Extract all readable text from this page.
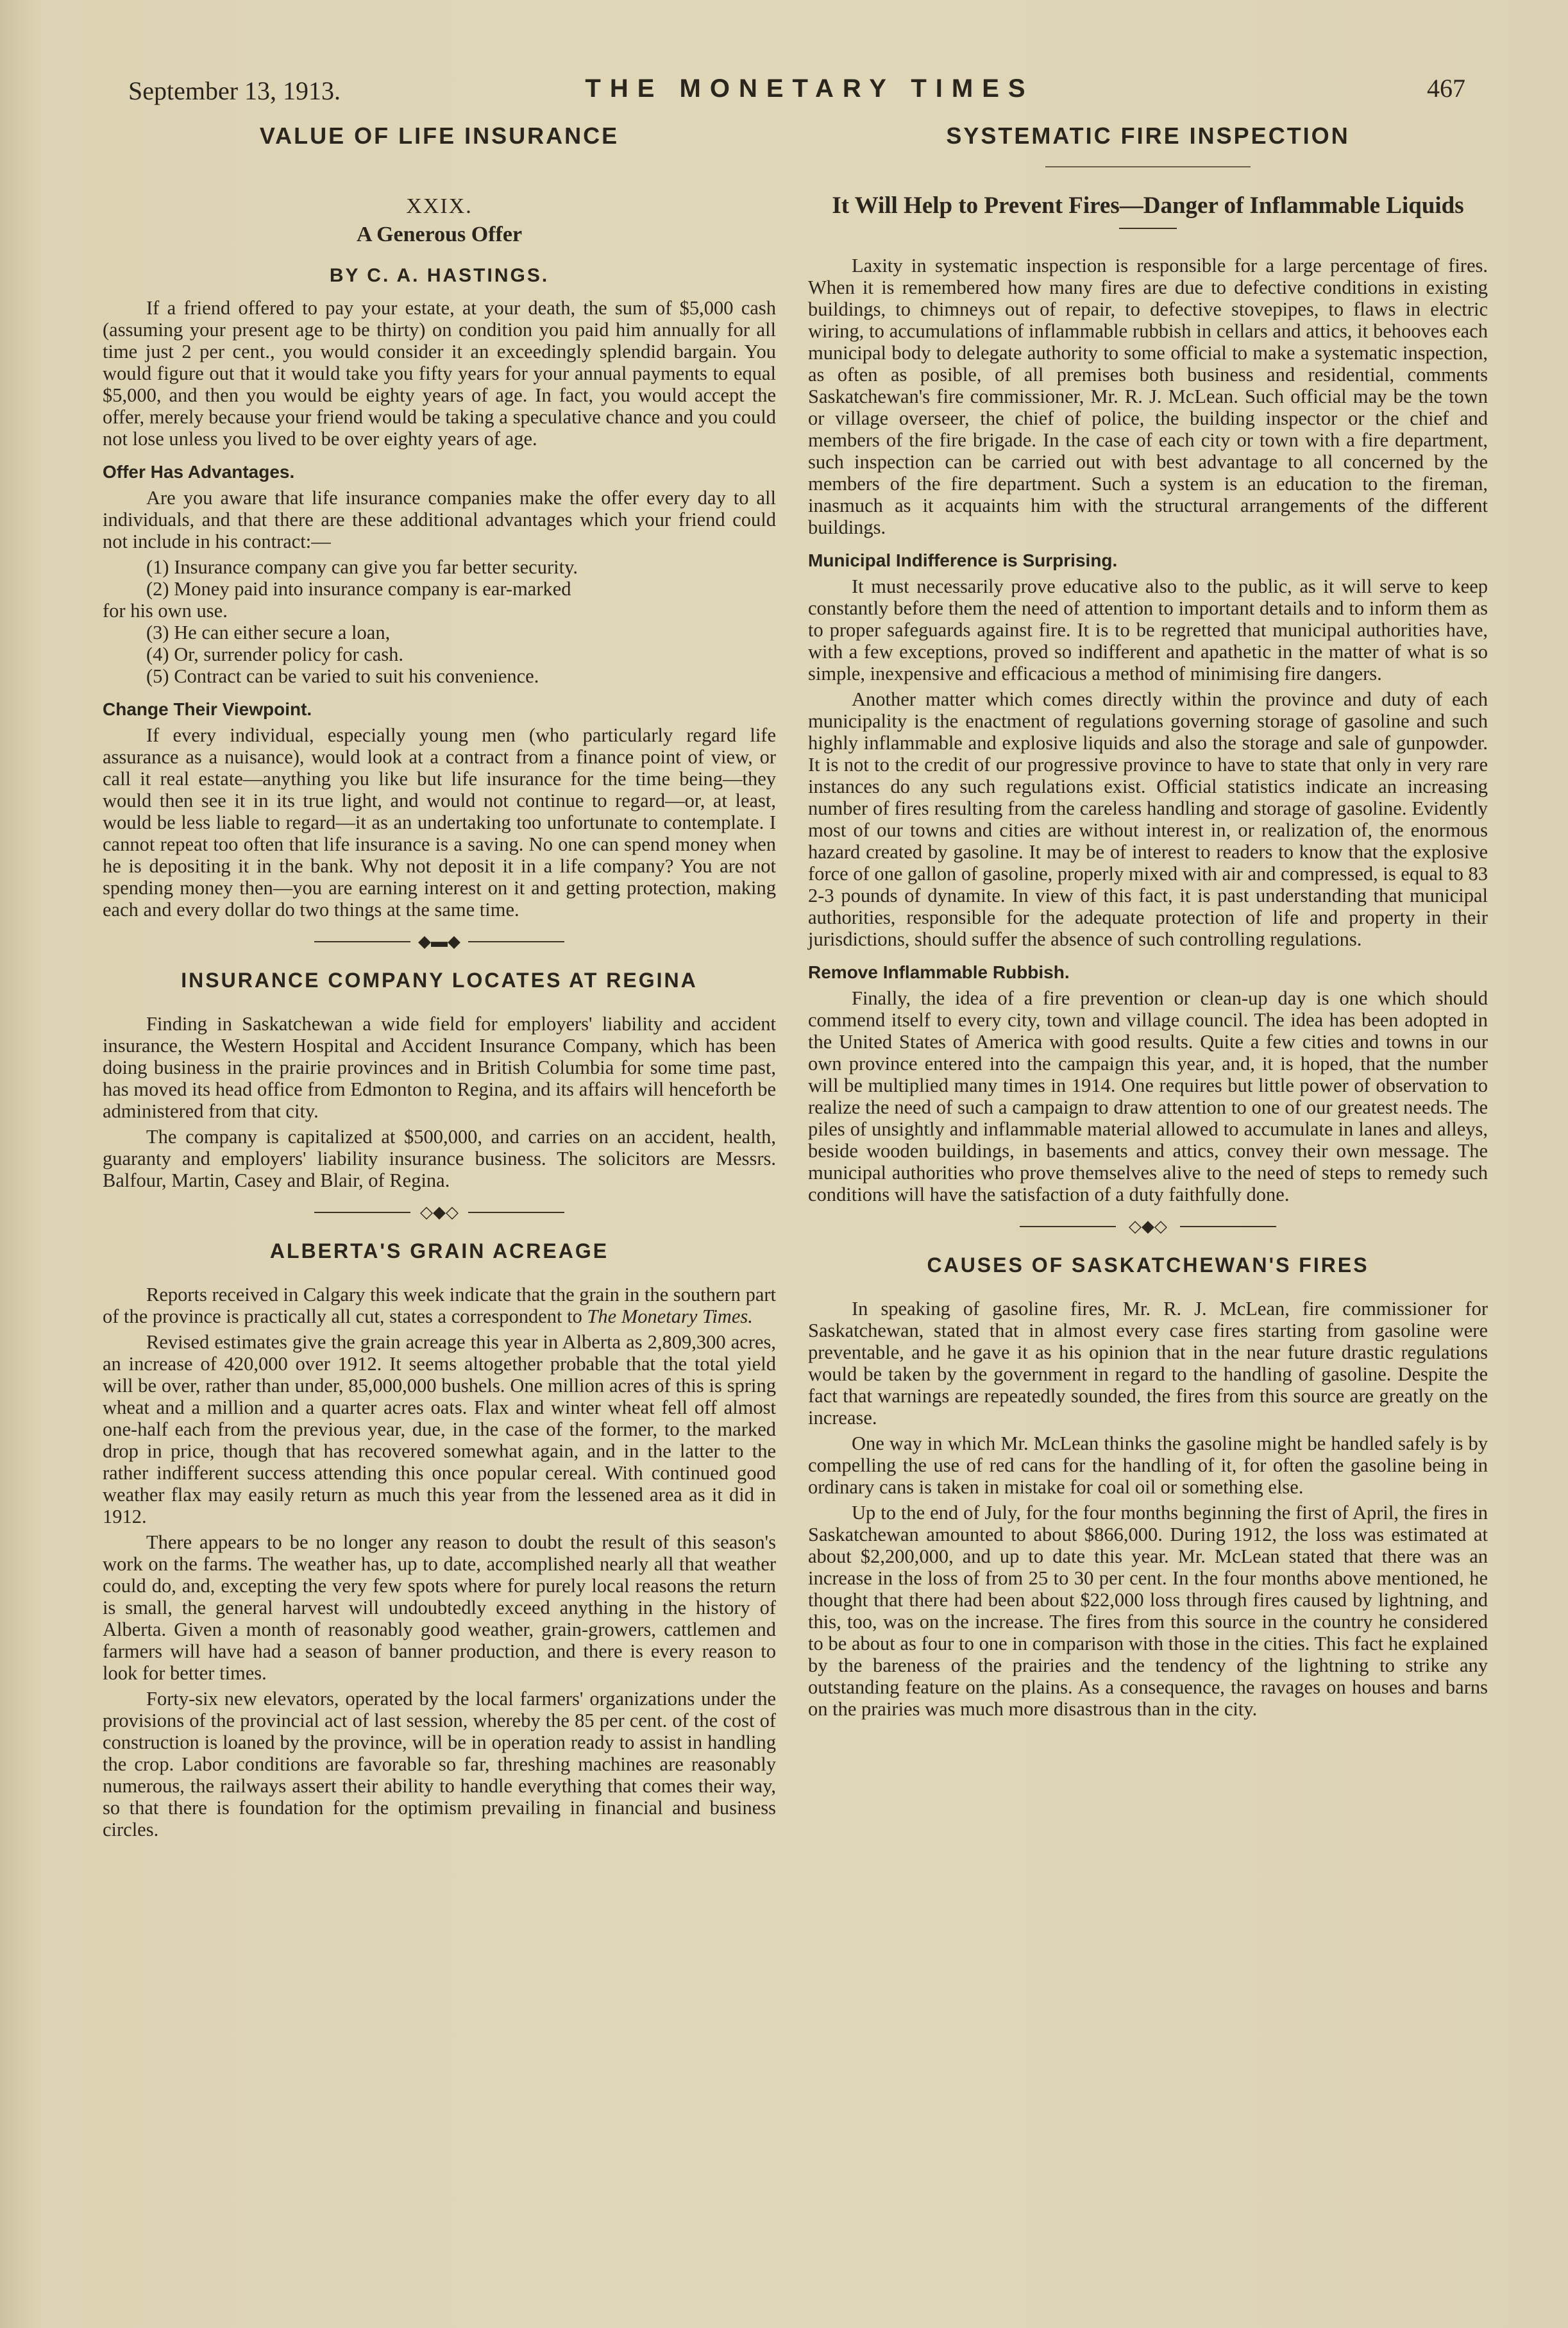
September 13, 1913.	THE MONETARY TIMES	467
VALUE OF LIFE INSURANCE
XXIX.
A Generous Offer
BY C. A. HASTINGS.

If a friend offered to pay your estate, at your death, the sum of $5,000 cash (assuming your present age to be thirty) on condition you paid him annually for all time just 2 per cent., you would consider it an exceedingly splendid bargain. You would figure out that it would take you fifty years for your annual payments to equal $5,000, and then you would be eighty years of age. In fact, you would accept the offer, merely because your friend would be taking a speculative chance and you could not lose unless you lived to be over eighty years of age.

Offer Has Advantages.

Are you aware that life insurance companies make the offer every day to all individuals, and that there are these additional advantages which your friend could not include in his contract:—

(1) Insurance company can give you far better security.

(2) Money paid into insurance company is ear-marked

for his own use.

(3) He can either secure a loan,

(4) Or, surrender policy for cash.

(5) Contract can be varied to suit his convenience.

Change Their Viewpoint.

If every individual, especially young men (who particularly regard life assurance as a nuisance), would look at a contract from a finance point of view, or call it real estate—anything you like but life insurance for the time being—they would then see it in its true light, and would not continue to regard—or, at least, would be less liable to regard—it as an undertaking too unfortunate to contemplate. I cannot repeat too often that life insurance is a saving. No one can spend money when he is depositing it in the bank. Why not deposit it in a life company? You are not spending money then—you are earning interest on it and getting protection, making each and every dollar do two things at the same time.

◆▬◆
INSURANCE COMPANY LOCATES AT REGINA

Finding in Saskatchewan a wide field for employers' liability and accident insurance, the Western Hospital and Accident Insurance Company, which has been doing business in the prairie provinces and in British Columbia for some time past, has moved its head office from Edmonton to Regina, and its affairs will henceforth be administered from that city.

The company is capitalized at $500,000, and carries on an accident, health, guaranty and employers' liability insurance business. The solicitors are Messrs. Balfour, Martin, Casey and Blair, of Regina.

◇◆◇
ALBERTA'S GRAIN ACREAGE

Reports received in Calgary this week indicate that the grain in the southern part of the province is practically all cut, states a correspondent to The Monetary Times.

Revised estimates give the grain acreage this year in Alberta as 2,809,300 acres, an increase of 420,000 over 1912. It seems altogether probable that the total yield will be over, rather than under, 85,000,000 bushels. One million acres of this is spring wheat and a million and a quarter acres oats. Flax and winter wheat fell off almost one-half each from the previous year, due, in the case of the former, to the marked drop in price, though that has recovered somewhat again, and in the latter to the rather indifferent success attending this once popular cereal. With continued good weather flax may easily return as much this year from the lessened area as it did in 1912.

There appears to be no longer any reason to doubt the result of this season's work on the farms. The weather has, up to date, accomplished nearly all that weather could do, and, excepting the very few spots where for purely local reasons the return is small, the general harvest will undoubtedly exceed anything in the history of Alberta. Given a month of reasonably good weather, grain-growers, cattlemen and farmers will have had a season of banner production, and there is every reason to look for better times.

Forty-six new elevators, operated by the local farmers' organizations under the provisions of the provincial act of last session, whereby the 85 per cent. of the cost of construction is loaned by the province, will be in operation ready to assist in handling the crop. Labor conditions are favorable so far, threshing machines are reasonably numerous, the railways assert their ability to handle everything that comes their way, so that there is foundation for the optimism prevailing in financial and business circles.

SYSTEMATIC FIRE INSPECTION
It Will Help to Prevent Fires—Danger of Inflammable Liquids

Laxity in systematic inspection is responsible for a large percentage of fires. When it is remembered how many fires are due to defective conditions in existing buildings, to chimneys out of repair, to defective stovepipes, to flaws in electric wiring, to accumulations of inflammable rubbish in cellars and attics, it behooves each municipal body to delegate authority to some official to make a systematic inspection, as often as posible, of all premises both business and residential, comments Saskatchewan's fire commissioner, Mr. R. J. McLean. Such official may be the town or village overseer, the chief of police, the building inspector or the chief and members of the fire brigade. In the case of each city or town with a fire department, such inspection can be carried out with best advantage to all concerned by the members of the fire department. Such a system is an education to the fireman, inasmuch as it acquaints him with the structural arrangements of the different buildings.

Municipal Indifference is Surprising.

It must necessarily prove educative also to the public, as it will serve to keep constantly before them the need of attention to important details and to inform them as to proper safeguards against fire. It is to be regretted that municipal authorities have, with a few exceptions, proved so indifferent and apathetic in the matter of what is so simple, inexpensive and efficacious a method of minimising fire dangers.

Another matter which comes directly within the province and duty of each municipality is the enactment of regulations governing storage of gasoline and such highly inflammable and explosive liquids and also the storage and sale of gunpowder. It is not to the credit of our progressive province to have to state that only in very rare instances do any such regulations exist. Official statistics indicate an increasing number of fires resulting from the careless handling and storage of gasoline. Evidently most of our towns and cities are without interest in, or realization of, the enormous hazard created by gasoline. It may be of interest to readers to know that the explosive force of one gallon of gasoline, properly mixed with air and compressed, is equal to 83 2-3 pounds of dynamite. In view of this fact, it is past understanding that municipal authorities, responsible for the adequate protection of life and property in their jurisdictions, should suffer the absence of such controlling regulations.

Remove Inflammable Rubbish.

Finally, the idea of a fire prevention or clean-up day is one which should commend itself to every city, town and village council. The idea has been adopted in the United States of America with good results. Quite a few cities and towns in our own province entered into the campaign this year, and, it is hoped, that the number will be multiplied many times in 1914. One requires but little power of observation to realize the need of such a campaign to draw attention to one of our greatest needs. The piles of unsightly and inflammable material allowed to accumulate in lanes and alleys, beside wooden buildings, in basements and attics, convey their own message. The municipal authorities who prove themselves alive to the need of steps to remedy such conditions will have the satisfaction of a duty faithfully done.

◇◆◇
CAUSES OF SASKATCHEWAN'S FIRES

In speaking of gasoline fires, Mr. R. J. McLean, fire commissioner for Saskatchewan, stated that in almost every case fires starting from gasoline were preventable, and he gave it as his opinion that in the near future drastic regulations would be taken by the government in regard to the handling of gasoline. Despite the fact that warnings are repeatedly sounded, the fires from this source are greatly on the increase.

One way in which Mr. McLean thinks the gasoline might be handled safely is by compelling the use of red cans for the handling of it, for often the gasoline being in ordinary cans is taken in mistake for coal oil or something else.

Up to the end of July, for the four months beginning the first of April, the fires in Saskatchewan amounted to about $866,000. During 1912, the loss was estimated at about $2,200,000, and up to date this year. Mr. McLean stated that there was an increase in the loss of from 25 to 30 per cent. In the four months above mentioned, he thought that there had been about $22,000 loss through fires caused by lightning, and this, too, was on the increase. The fires from this source in the country he considered to be about as four to one in comparison with those in the cities. This fact he explained by the bareness of the prairies and the tendency of the lightning to strike any outstanding feature on the plains. As a consequence, the ravages on houses and barns on the prairies was much more disastrous than in the city.
